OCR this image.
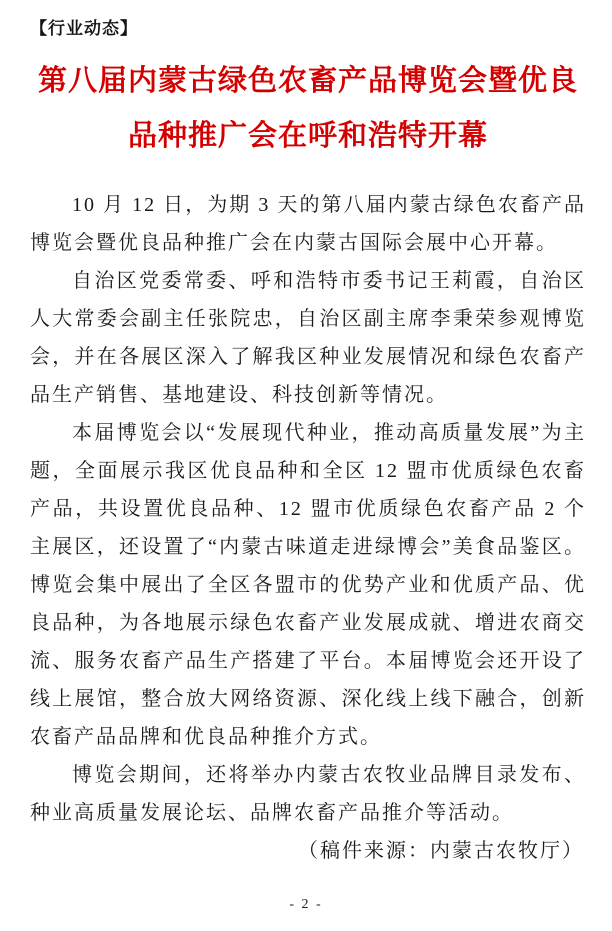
【行业动态】
第八届内蒙古绿色农畜产品博览会暨优良
品种推广会在呼和浩特开幕

10 月 12 日，为期 3 天的第八届内蒙古绿色农畜产品博览会暨优良品种推广会在内蒙古国际会展中心开幕。

自治区党委常委、呼和浩特市委书记王莉霞，自治区人大常委会副主任张院忠，自治区副主席李秉荣参观博览会，并在各展区深入了解我区种业发展情况和绿色农畜产品生产销售、基地建设、科技创新等情况。

本届博览会以“发展现代种业，推动高质量发展”为主题，全面展示我区优良品种和全区 12 盟市优质绿色农畜产品，共设置优良品种、12 盟市优质绿色农畜产品 2 个主展区，还设置了“内蒙古味道走进绿博会”美食品鉴区。博览会集中展出了全区各盟市的优势产业和优质产品、优良品种，为各地展示绿色农畜产业发展成就、增进农商交流、服务农畜产品生产搭建了平台。本届博览会还开设了线上展馆，整合放大网络资源、深化线上线下融合，创新农畜产品品牌和优良品种推介方式。

博览会期间，还将举办内蒙古农牧业品牌目录发布、种业高质量发展论坛、品牌农畜产品推介等活动。

（稿件来源：内蒙古农牧厅）

- 2 -
